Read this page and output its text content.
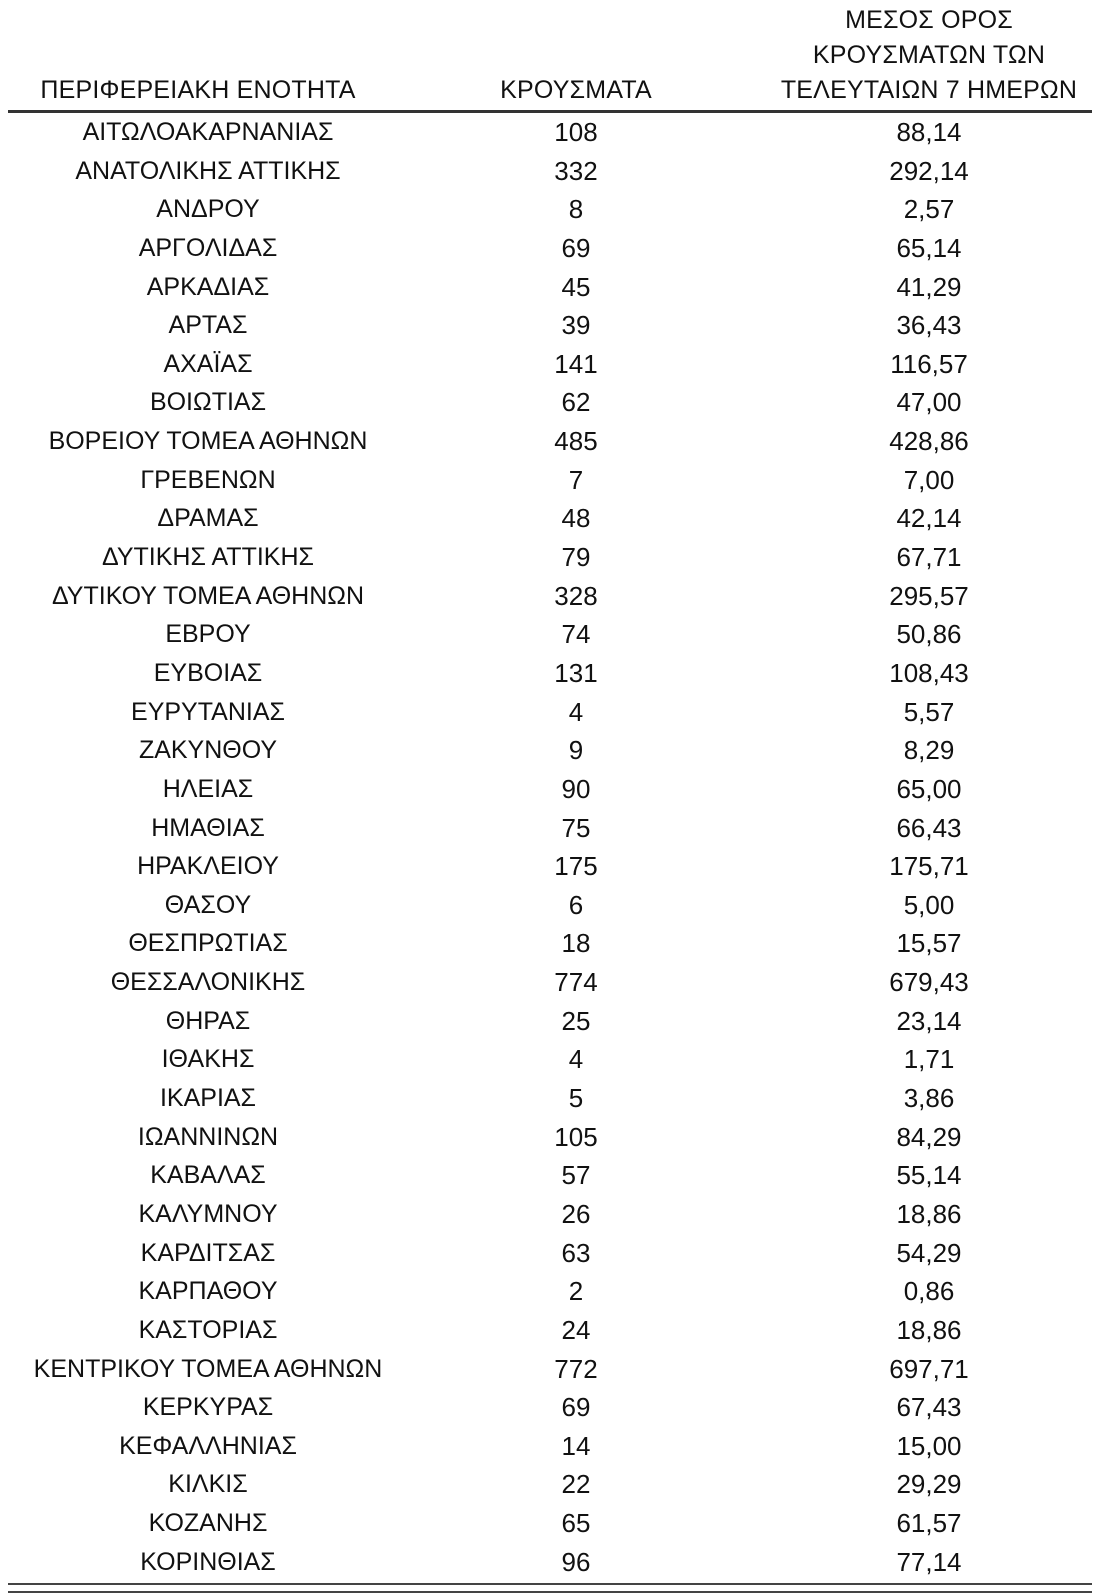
ΠΕΡΙΦΕΡΕΙΑΚΗ ΕΝΟΤΗΤΑ	ΚΡΟΥΣΜΑΤΑ
ΜΕΣΟΣ ΟΡΟΣ
ΚΡΟΥΣΜΑΤΩΝ ΤΩΝ
ΤΕΛΕΥΤΑΙΩΝ 7 ΗΜΕΡΩΝ
ΑΙΤΩΛΟΑΚΑΡΝΑΝΙΑΣ	108	88,14
ΑΝΑΤΟΛΙΚΗΣ ΑΤΤΙΚΗΣ	332	292,14
ΑΝΔΡΟΥ	8	2,57
ΑΡΓΟΛΙΔΑΣ	69	65,14
ΑΡΚΑΔΙΑΣ	45	41,29
ΑΡΤΑΣ	39	36,43
ΑΧΑΪΑΣ	141	116,57
ΒΟΙΩΤΙΑΣ	62	47,00
ΒΟΡΕΙΟΥ ΤΟΜΕΑ ΑΘΗΝΩΝ	485	428,86
ΓΡΕΒΕΝΩΝ	7	7,00
ΔΡΑΜΑΣ	48	42,14
ΔΥΤΙΚΗΣ ΑΤΤΙΚΗΣ	79	67,71
ΔΥΤΙΚΟΥ ΤΟΜΕΑ ΑΘΗΝΩΝ	328	295,57
ΕΒΡΟΥ	74	50,86
ΕΥΒΟΙΑΣ	131	108,43
ΕΥΡΥΤΑΝΙΑΣ	4	5,57
ΖΑΚΥΝΘΟΥ	9	8,29
ΗΛΕΙΑΣ	90	65,00
ΗΜΑΘΙΑΣ	75	66,43
ΗΡΑΚΛΕΙΟΥ	175	175,71
ΘΑΣΟΥ	6	5,00
ΘΕΣΠΡΩΤΙΑΣ	18	15,57
ΘΕΣΣΑΛΟΝΙΚΗΣ	774	679,43
ΘΗΡΑΣ	25	23,14
ΙΘΑΚΗΣ	4	1,71
ΙΚΑΡΙΑΣ	5	3,86
ΙΩΑΝΝΙΝΩΝ	105	84,29
ΚΑΒΑΛΑΣ	57	55,14
ΚΑΛΥΜΝΟΥ	26	18,86
ΚΑΡΔΙΤΣΑΣ	63	54,29
ΚΑΡΠΑΘΟΥ	2	0,86
ΚΑΣΤΟΡΙΑΣ	24	18,86
ΚΕΝΤΡΙΚΟΥ ΤΟΜΕΑ ΑΘΗΝΩΝ	772	697,71
ΚΕΡΚΥΡΑΣ	69	67,43
ΚΕΦΑΛΛΗΝΙΑΣ	14	15,00
ΚΙΛΚΙΣ	22	29,29
ΚΟΖΑΝΗΣ	65	61,57
ΚΟΡΙΝΘΙΑΣ	96	77,14
